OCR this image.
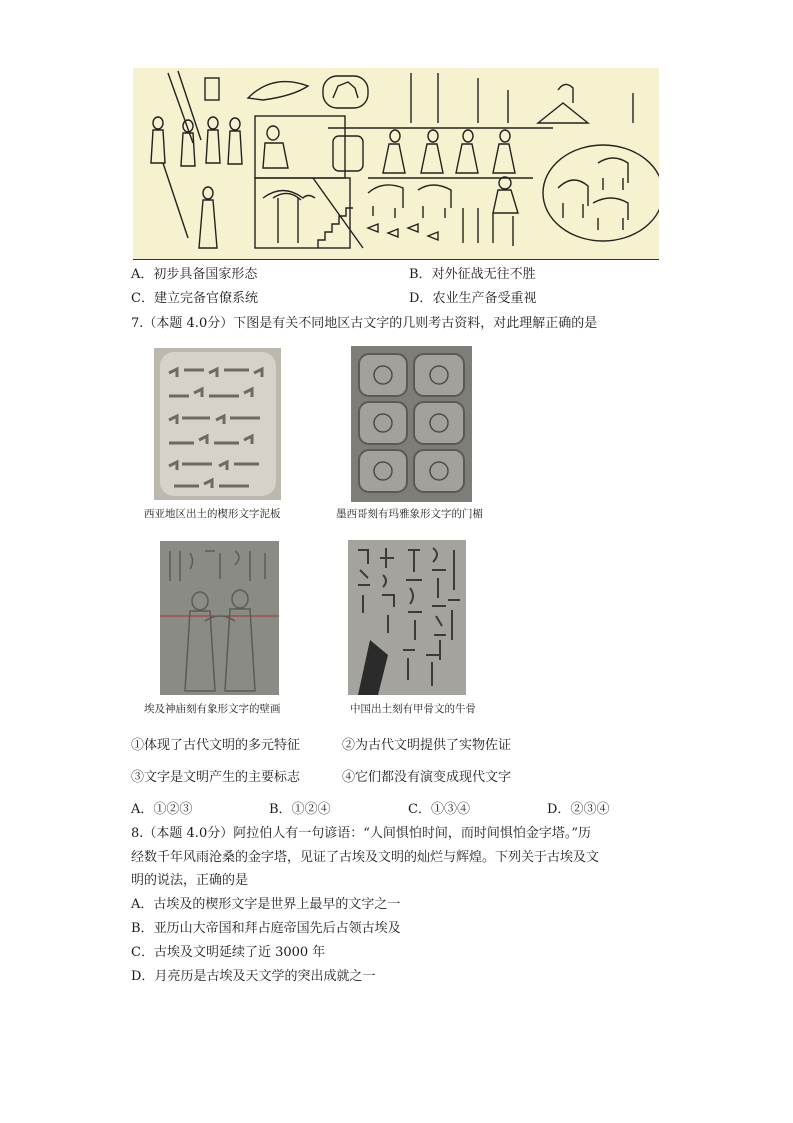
A．初步具备国家形态	B．对外征战无往不胜
C．建立完备官僚系统	D．农业生产备受重视
7.（本题 4.0分）下图是有关不同地区古文字的几则考古资料，对此理解正确的是
西亚地区出土的楔形文字泥板	墨西哥刻有玛雅象形文字的门楣
埃及神庙刻有象形文字的壁画	中国出土刻有甲骨文的牛骨
①体现了古代文明的多元特征	②为古代文明提供了实物佐证
③文字是文明产生的主要标志	④它们都没有演变成现代文字
A．①②③	B．①②④	C．①③④	D．②③④
8.（本题 4.0分）阿拉伯人有一句谚语：“人间惧怕时间，而时间惧怕金字塔。”历
经数千年风雨沧桑的金字塔，见证了古埃及文明的灿烂与辉煌。下列关于古埃及文
明的说法，正确的是
A．古埃及的楔形文字是世界上最早的文字之一
B．亚历山大帝国和拜占庭帝国先后占领古埃及
C．古埃及文明延续了近 3000 年
D．月亮历是古埃及天文学的突出成就之一
